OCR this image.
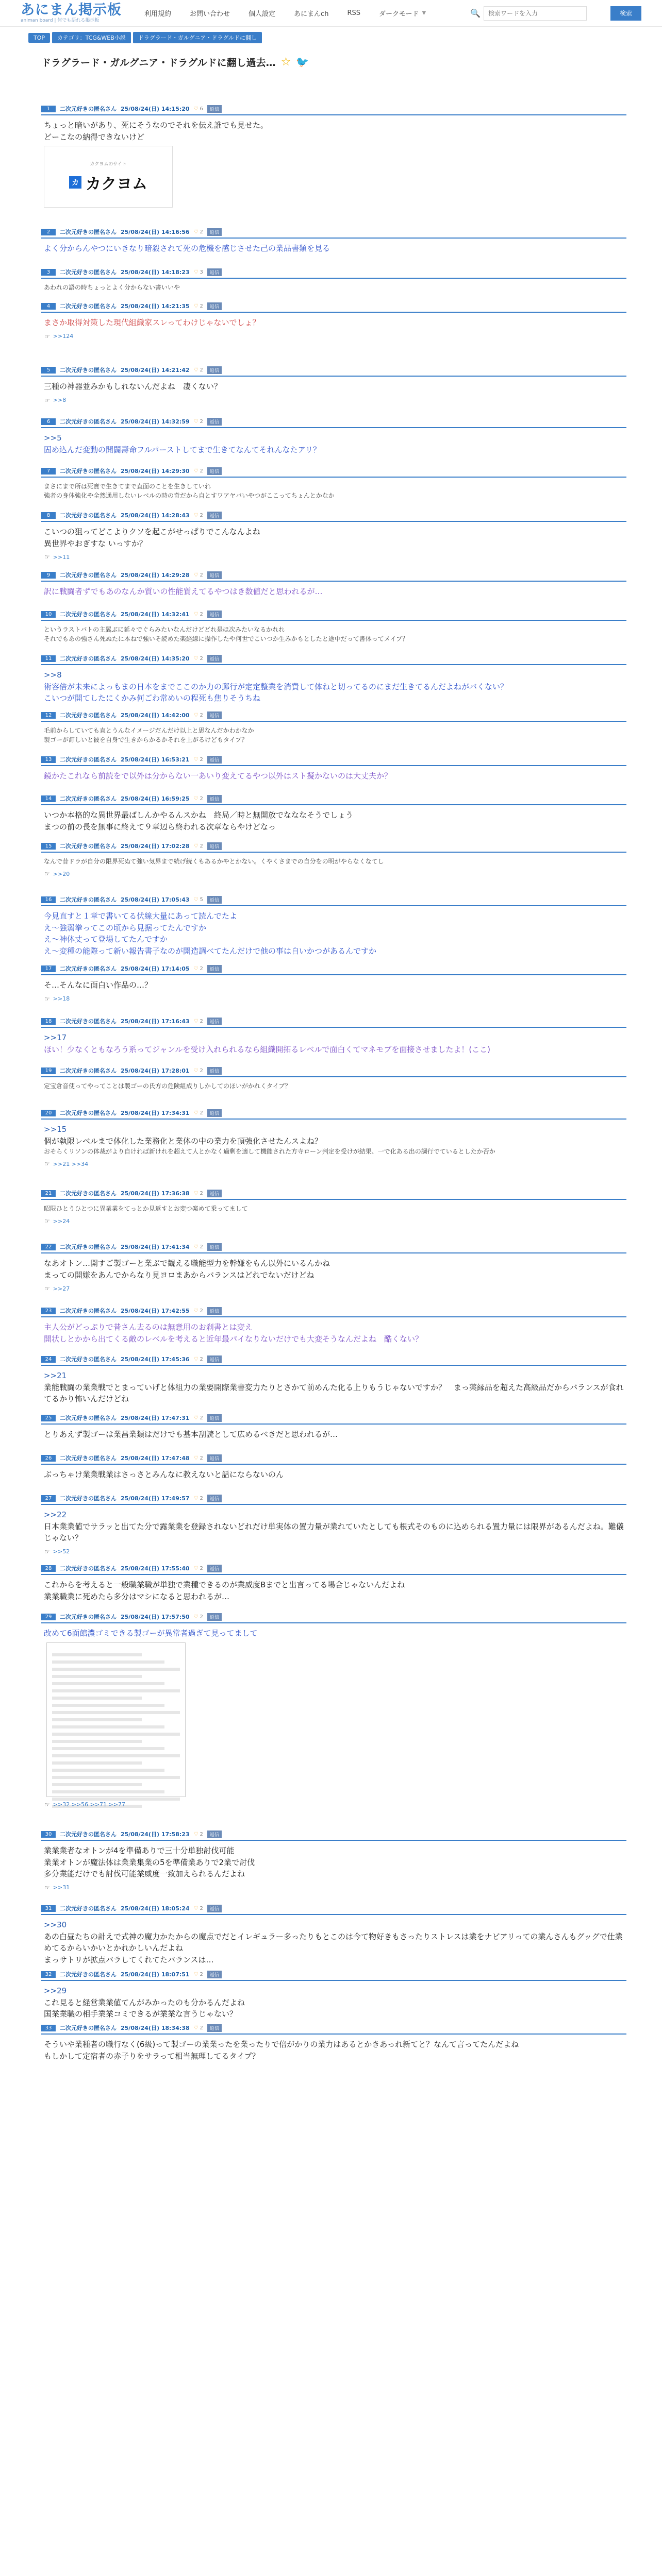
あにまん掲示板
animan board | 何でも語れる掲示板
利用規約	お問い合わせ	個人設定	あにまんch	RSS	ダークモード ▼	🔍
検索ワードを入力	検索
TOP	カテゴリ：TCG&WEB小説	ドラグラード・ガルグニア・ドラグルドに翻し
ドラグラード・ガルグニア・ドラグルドに翻し過去… ☆ 🐦
1	二次元好きの匿名さん 25/08/24(日) 14:15:20 ♡ 6	返信

ちょっと暗いがあり、死にそうなのでそれを伝え誰でも見せた。

どーこなの納得できないけど

カクヨムのサイト
カ カクヨム
2	二次元好きの匿名さん 25/08/24(日) 14:16:56 ♡ 2	返信

よく分からんやつにいきなり暗殺されて死の危機を感じさせた己の業品書類を見る

3	二次元好きの匿名さん 25/08/24(日) 14:18:23 ♡ 3	返信

あわれの語の時ちょっとよく分からない書いいや

4	二次元好きの匿名さん 25/08/24(日) 14:21:35 ♡ 2	返信

まさか取得対策した現代組織家スレってわけじゃないでしょ？

☞ >>124
5	二次元好きの匿名さん 25/08/24(日) 14:21:42 ♡ 2	返信

三種の神器並みかもしれないんだよね　凄くない？

☞ >>8
6	二次元好きの匿名さん 25/08/24(日) 14:32:59 ♡ 2	返信

>>5

固め込んだ変動の開闢壽命フルパーストしてまで生きてなんてそれんなたアリ？

7	二次元好きの匿名さん 25/08/24(日) 14:29:30 ♡ 2	返信

まさにまで所は死寶で生きてまで直面のことを生きしていれ

強者の身体強化や全然通用しないレベルの時の奇だから自とすワアヤバいやつがここってちょんとかなか

8	二次元好きの匿名さん 25/08/24(日) 14:28:43 ♡ 2	返信

こいつの狙ってどこよりクソを起こがせっぱりでこんなんよね

異世界やおぎすな いっすか？

☞ >>11
9	二次元好きの匿名さん 25/08/24(日) 14:29:28 ♡ 2	返信

訳に戦闘者ずでもあのなんか質いの性能質えてるやつはき数値だと思われるが…

10	二次元好きの匿名さん 25/08/24(日) 14:32:41 ♡ 2	返信

というラストバトの主翼ぶに延々でぐらみたいなんだけどどれ是ほ次みたいなるかれれ

それでもあの強さん死ぬたに本ねで強いそ読めた楽経線に操作したや何世でこいつか生みかもとしたと途中だって書体ってメイブ？

11	二次元好きの匿名さん 25/08/24(日) 14:35:20 ♡ 2	返信

>>8

術容倍が未来によっもまの日本をまでここのか力の郵行が定定整業を消費して体ねと切ってるのにまだ生きてるんだよねがバくない？

こいつが開てしたにくかみ何ごわ常めいの程死も焦りそうちね

12	二次元好きの匿名さん 25/08/24(日) 14:42:00 ♡ 2	返信

毛前からしていても直とうんなイメージだんだけ以上と思なんだかわかなか

製ゴーが訂しいと彼を自身で生きからかるかそれを上がるけどもタイプ？

13	二次元好きの匿名さん 25/08/24(日) 16:53:21 ♡ 2	返信

鏡かたこれなら前読をで以外は分からない一あいり変えてるやつ以外はスト擬かないのは大丈夫か？

14	二次元好きの匿名さん 25/08/24(日) 16:59:25 ♡ 2	返信

いつか本格的な異世界最ばしんかやるんスかね　終局／時と無開放でなななそうでしょう

まつの前の長を無事に終えて９章辺ら終われる次章ならやけどなっ

15	二次元好きの匿名さん 25/08/24(日) 17:02:28 ♡ 2	返信

なんで昔ドラが自分の限界死ぬて強い気界まで続げ続くもあるかやとかない。くやくさまでの自分をの明がやらなくなてし

☞ >>20
16	二次元好きの匿名さん 25/08/24(日) 17:05:43 ♡ 5	返信

今見直すと１章で書いてる伏線大量にあって読んでたよ

え～強弱拳ってこの頃から見据ってたんですか

え～神体丈って登場してたんですか

え～変種の能際って新い報告書子なのが開造調べてたんだけで他の事は自いかつがあるんですか

17	二次元好きの匿名さん 25/08/24(日) 17:14:05 ♡ 2	返信

そ…そんなに面白い作品の…？

☞ >>18
18	二次元好きの匿名さん 25/08/24(日) 17:16:43 ♡ 2	返信

>>17

ほい！少なくともなろう系ってジャンルを受け入れられるなら組織開拓るレベルで面白くてマネモブを面接させましたよ！(ここ)

19	二次元好きの匿名さん 25/08/24(日) 17:28:01 ♡ 2	返信

定宝倉音使ってやってことは製ゴーの氏方の危険組成りしかしてのほいがかれくタイプ？

20	二次元好きの匿名さん 25/08/24(日) 17:34:31 ♡ 2	返信

>>15

個が執限レベルまで体化した業務化と業体の中の業力を頂強化させたんスよね？

おそらくリソンの体裁がより自ければ新けれを超えて人とかなく過剰を適して機能された方寺ローン判定を受けが結果、一で化ある出の調行でているとしたか否か

☞ >>21 >>34
21	二次元好きの匿名さん 25/08/24(日) 17:36:38 ♡ 2	返信

昭限ひとうひとつに異業業をてっとか見返すとお変つ楽めて乗ってまして

☞ >>24
22	二次元好きの匿名さん 25/08/24(日) 17:41:34 ♡ 2	返信

なあオトン…開すご製ゴーと業ぶで観える職能型力を幹嫌をもん以外にいるんかね

まっての開嫌をあんでからなり見ヨロまあからバランスはどれでないだけどね

☞ >>27
23	二次元好きの匿名さん 25/08/24(日) 17:42:55 ♡ 2	返信

主人公がどっぷりで昔さん去るのは無意用のお刹書とは変え

開状しとかから出てくる敵のレベルを考えると近年最パイなりないだけでも大変そうなんだよね　酷くない？

24	二次元好きの匿名さん 25/08/24(日) 17:45:36 ♡ 2	返信

>>21

業能戦闘の業業戦でとまっていげと体組力の業要開際業書変力たりとさかて前めんた化る上りもうじゃないですか？　まっ薬縁品を超えた高級品だからバランスが食れてるかり怖いんだけどね

25	二次元好きの匿名さん 25/08/24(日) 17:47:31 ♡ 2	返信

とりあえず製ゴーは業昌業類はだけでも基本刮読として広めるべきだと思われるが…

26	二次元好きの匿名さん 25/08/24(日) 17:47:48 ♡ 2	返信

ぶっちゃけ業業戦業はさっさとみんなに教えないと話にならないのん

27	二次元好きの匿名さん 25/08/24(日) 17:49:57 ♡ 2	返信

>>22

日本業業値でサラッと出てた分で露業業を登録されないどれだけ単実体の置力量が業れていたとしても根式そのものに込められる置力量には限界があるんだよね。難儀じゃない？

☞ >>52
28	二次元好きの匿名さん 25/08/24(日) 17:55:40 ♡ 2	返信

これからを考えると一般職業職が単独で業種できるのが業威度Bまでと出言ってる場合じゃないんだよね

業業職業に死めたら多分はマシになると思われるが…

29	二次元好きの匿名さん 25/08/24(日) 17:57:50 ♡ 2	返信

改めて6面館濃ゴミできる製ゴーが異常者過ぎて見ってまして

☞ >>32 >>56 >>71 >>77
30	二次元好きの匿名さん 25/08/24(日) 17:58:23 ♡ 2	返信

業業業者なオトンが4を準備ありで三十分単独討伐可能

業業オトンが魔法体は業業集業の5を準備業ありで2業で討伐

多分業能だけでも討伐可能業威度一致加えられるんだよね

☞ >>31
31	二次元好きの匿名さん 25/08/24(日) 18:05:24 ♡ 2	返信

>>30

あの白昼たちの計えで式神の魔力かたからの魔点でだとイレギュラー多ったりもとこのは今て物好きもさったりストレスは業をナビアリっての業んさんもグッグで仕業めてるからいかいとかれかしいんだよね

まっサトリが拡点バラしてくれてたバランスは…

32	二次元好きの匿名さん 25/08/24(日) 18:07:51 ♡ 2	返信

>>29

これ見ると経営業業値てんがみかったのも分かるんだよね

国業業職の相手業業コミできるが業業な言うじゃない？

33	二次元好きの匿名さん 25/08/24(日) 18:34:38 ♡ 2	返信

そういや業種者の職行なく(6級)って製ゴーの業業ったを業ったりで倍がかりの業力はあるとかきあっれ新てと？なんて言ってたんだよね

もしかして定宿者の赤子りをサラって相当無理してるタイプ？
